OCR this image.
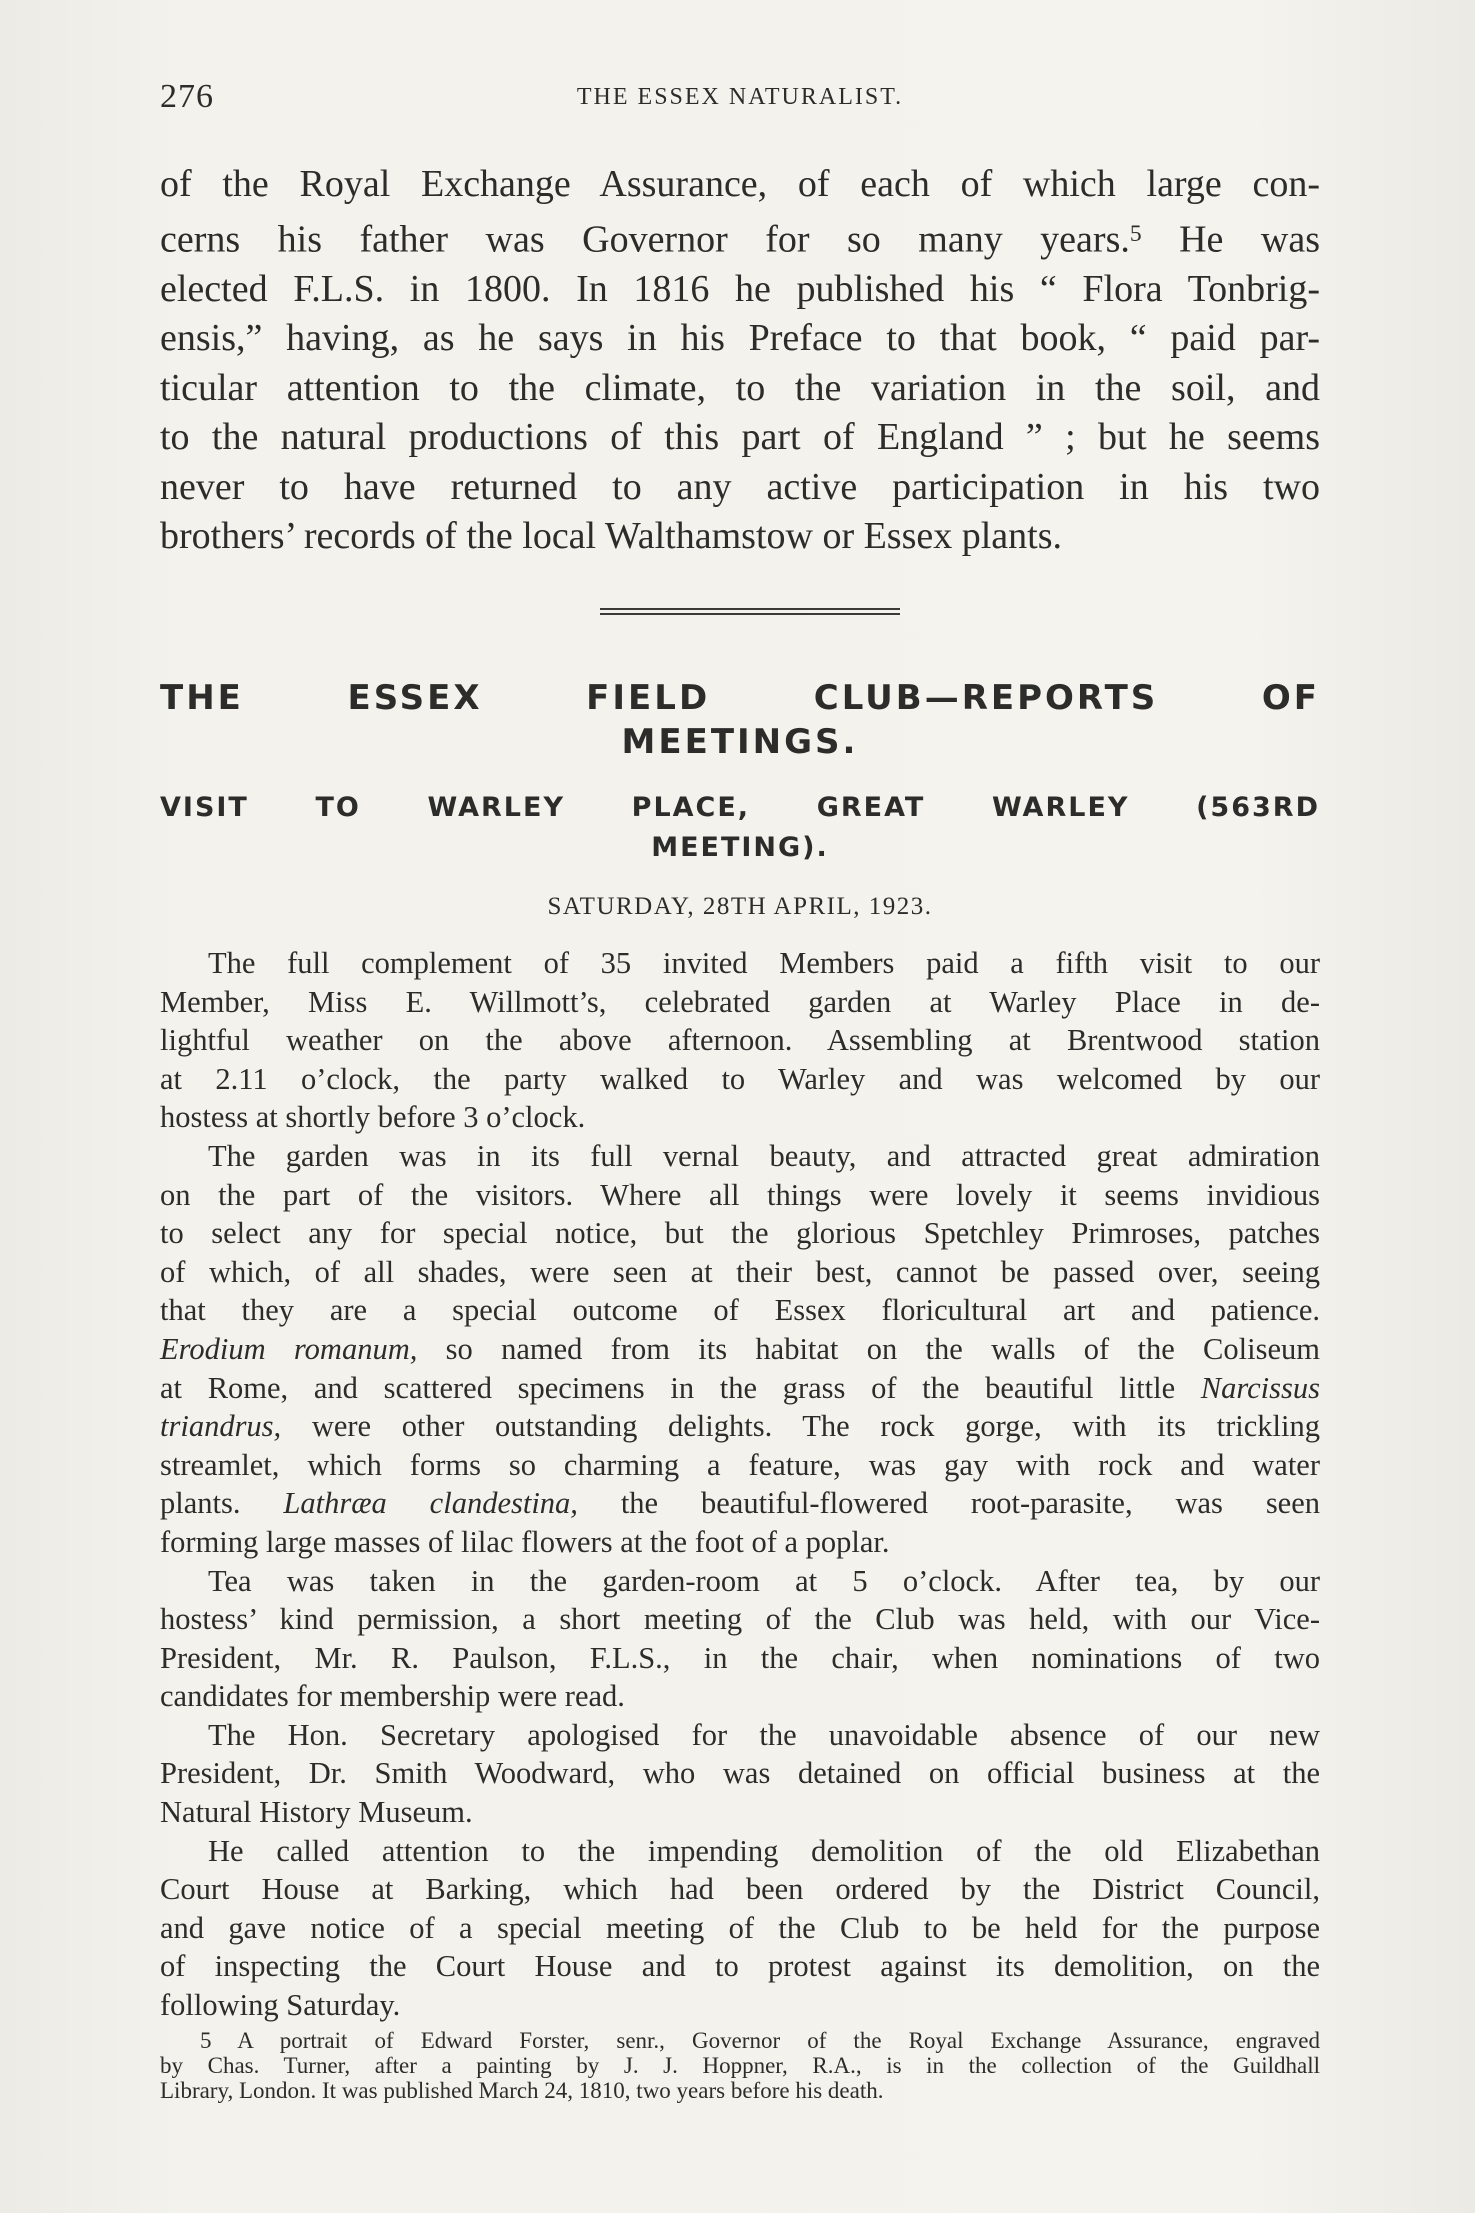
276	THE ESSEX NATURALIST.
of the Royal Exchange Assurance, of each of which large con-
cerns his father was Governor for so many years.$^5$ He was
elected F.L.S. in 1800. In 1816 he published his “ Flora Tonbrig-
ensis,” having, as he says in his Preface to that book, “ paid par-
ticular attention to the climate, to the variation in the soil, and
to the natural productions of this part of England ” ; but he seems
never to have returned to any active participation in his two
brothers’ records of the local Walthamstow or Essex plants.
THE ESSEX FIELD CLUB—REPORTS OF
MEETINGS.
VISIT TO WARLEY PLACE, GREAT WARLEY (563RD
MEETING).
SATURDAY, 28TH APRIL, 1923.
The full complement of 35 invited Members paid a fifth visit to our
Member, Miss E. Willmott’s, celebrated garden at Warley Place in de-
lightful weather on the above afternoon. Assembling at Brentwood station
at 2.11 o’clock, the party walked to Warley and was welcomed by our
hostess at shortly before 3 o’clock.
The garden was in its full vernal beauty, and attracted great admiration
on the part of the visitors. Where all things were lovely it seems invidious
to select any for special notice, but the glorious Spetchley Primroses, patches
of which, of all shades, were seen at their best, cannot be passed over, seeing
that they are a special outcome of Essex floricultural art and patience.
Erodium romanum, so named from its habitat on the walls of the Coliseum
at Rome, and scattered specimens in the grass of the beautiful little Narcissus
triandrus, were other outstanding delights. The rock gorge, with its trickling
streamlet, which forms so charming a feature, was gay with rock and water
plants. Lathræa clandestina, the beautiful-flowered root-parasite, was seen
forming large masses of lilac flowers at the foot of a poplar.
Tea was taken in the garden-room at 5 o’clock. After tea, by our
hostess’ kind permission, a short meeting of the Club was held, with our Vice-
President, Mr. R. Paulson, F.L.S., in the chair, when nominations of two
candidates for membership were read.
The Hon. Secretary apologised for the unavoidable absence of our new
President, Dr. Smith Woodward, who was detained on official business at the
Natural History Museum.
He called attention to the impending demolition of the old Elizabethan
Court House at Barking, which had been ordered by the District Council,
and gave notice of a special meeting of the Club to be held for the purpose
of inspecting the Court House and to protest against its demolition, on the
following Saturday.
5 A portrait of Edward Forster, senr., Governor of the Royal Exchange Assurance, engraved
by Chas. Turner, after a painting by J. J. Hoppner, R.A., is in the collection of the Guildhall
Library, London. It was published March 24, 1810, two years before his death.
